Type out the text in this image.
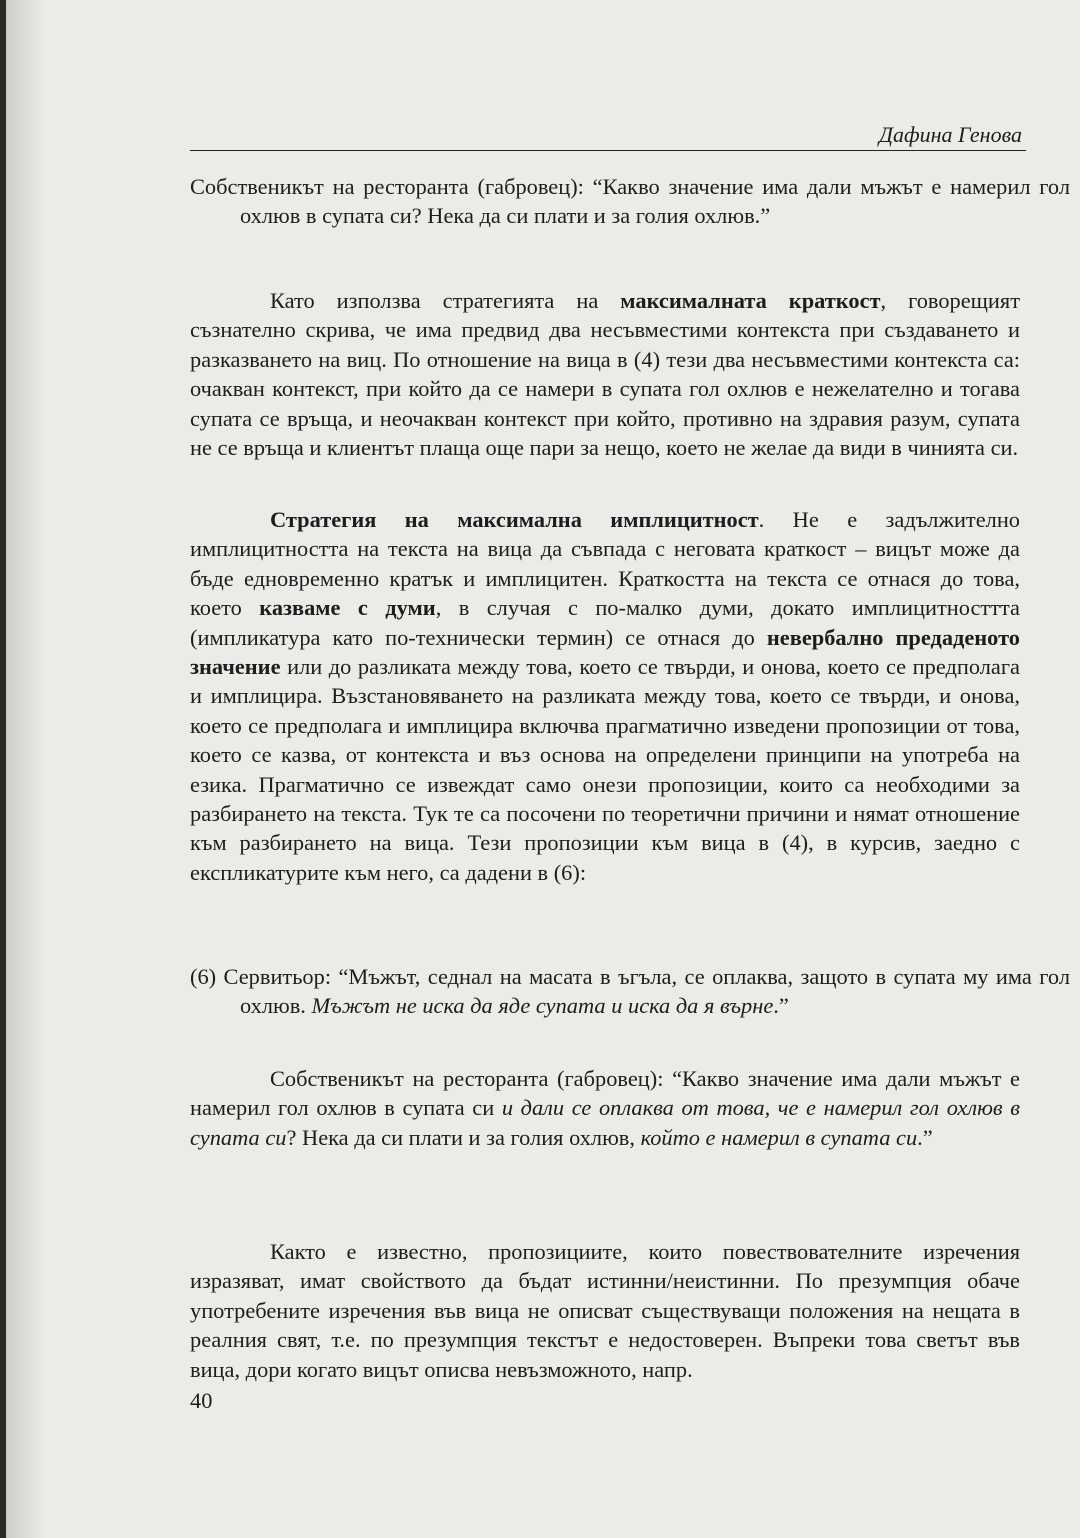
Дафина Генова
Собственикът на ресторанта (габровец): “Какво значение има дали мъжът е намерил гол охлюв в супата си? Нека да си плати и за голия охлюв.”
Като използва стратегията на максималната краткост, говорещият съзнателно скрива, че има предвид два несъвместими контекста при създаването и разказването на виц. По отношение на вица в (4) тези два несъвместими контекста са: очакван контекст, при който да се намери в супата гол охлюв е нежелателно и тогава супата се връща, и неочакван контекст при който, противно на здравия разум, супата не се връща и клиентът плаща още пари за нещо, което не желае да види в чинията си.
Стратегия на максимална имплицитност. Не е задължително имплицитността на текста на вица да съвпада с неговата краткост – вицът може да бъде едновременно кратък и имплицитен. Краткостта на текста се отнася до това, което казваме с думи, в случая с по-малко думи, докато имплицитносттта (импликатура като по-технически термин) се отнася до невербално предаденото значение или до разликата между това, което се твърди, и онова, което се предполага и имплицира. Възстановяването на разликата между това, което се твърди, и онова, което се предполага и имплицира включва прагматично изведени пропозиции от това, което се казва, от контекста и въз основа на определени принципи на употреба на езика. Прагматично се извеждат само онези пропозиции, които са необходими за разбирането на текста. Тук те са посочени по теоретични причини и нямат отношение към разбирането на вица. Тези пропозиции към вица в (4), в курсив, заедно с експликатурите към него, са дадени в (6):
(6) Сервитьор: “Мъжът, седнал на масата в ъгъла, се оплаква, защото в супата му има гол охлюв. Мъжът не иска да яде супата и иска да я върне.”
Собственикът на ресторанта (габровец): “Какво значение има дали мъжът е намерил гол охлюв в супата си и дали се оплаква от това, че е намерил гол охлюв в супата си? Нека да си плати и за голия охлюв, който е намерил в супата си.”
Както е известно, пропозициите, които повествователните изречения изразяват, имат свойството да бъдат истинни/неистинни. По презумпция обаче употребените изречения във вица не описват съществуващи положения на нещата в реалния свят, т.е. по презумпция текстът е недостоверен. Въпреки това светът във вица, дори когато вицът описва невъзможното, напр.
40
